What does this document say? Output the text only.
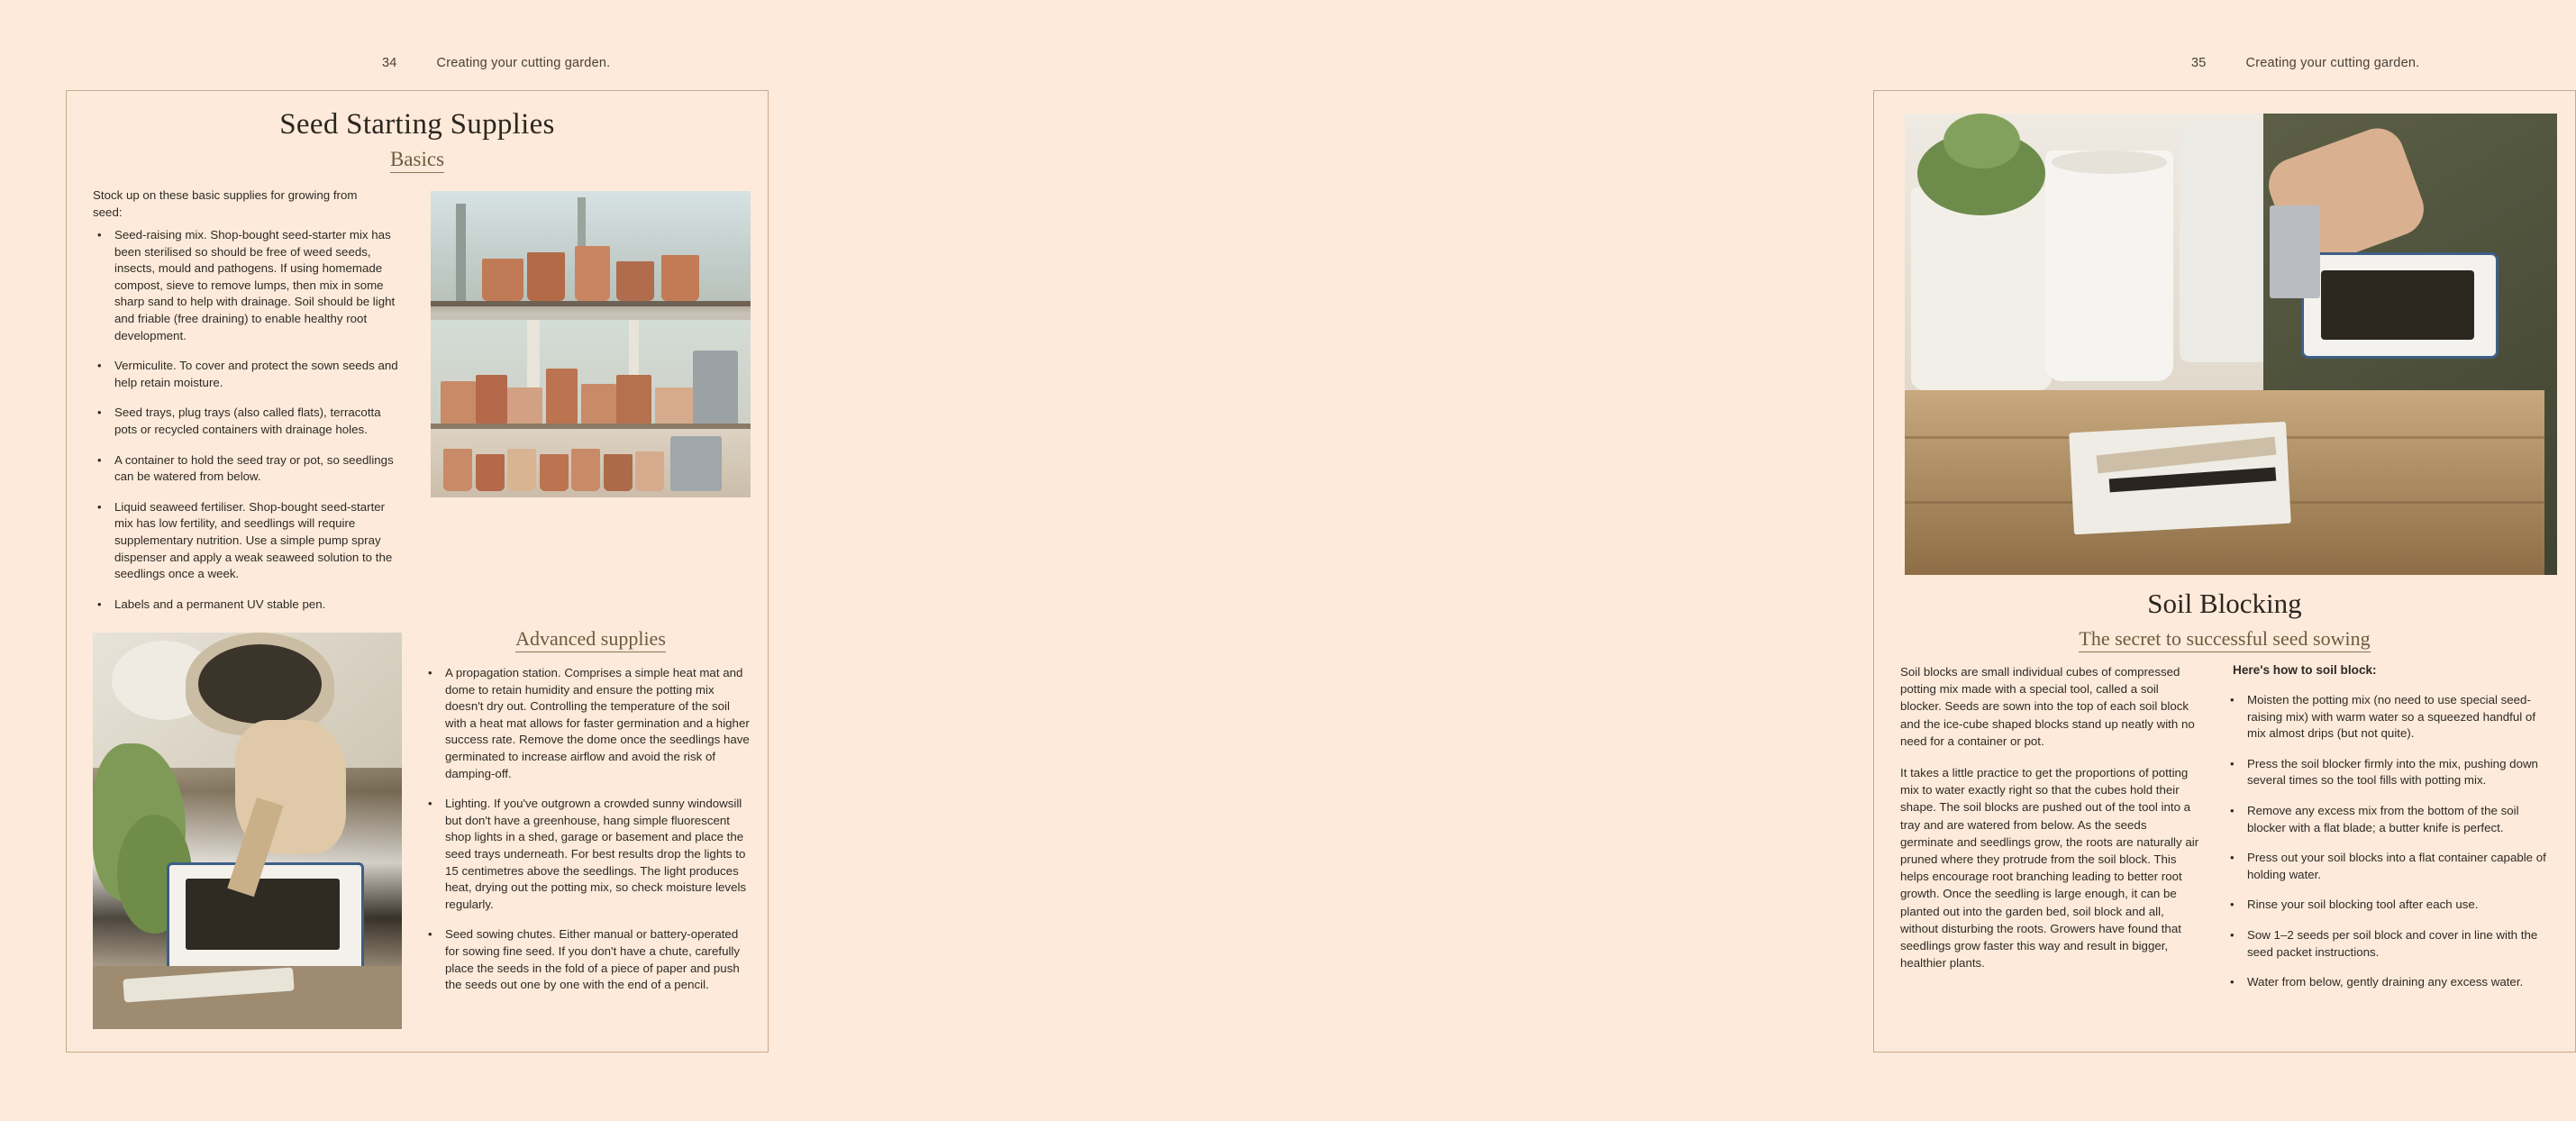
34	Creating your cutting garden.
Seed Starting Supplies
Basics
Stock up on these basic supplies for growing from seed:
• Seed-raising mix. Shop-bought seed-starter mix has been sterilised so should be free of weed seeds, insects, mould and pathogens. If using homemade compost, sieve to remove lumps, then mix in some sharp sand to help with drainage. Soil should be light and friable (free draining) to enable healthy root development.
• Vermiculite. To cover and protect the sown seeds and help retain moisture.
• Seed trays, plug trays (also called flats), terracotta pots or recycled containers with drainage holes.
• A container to hold the seed tray or pot, so seedlings can be watered from below.
• Liquid seaweed fertiliser. Shop-bought seed-starter mix has low fertility, and seedlings will require supplementary nutrition. Use a simple pump spray dispenser and apply a weak seaweed solution to the seedlings once a week.
• Labels and a permanent UV stable pen.
Advanced supplies
• A propagation station. Comprises a simple heat mat and dome to retain humidity and ensure the potting mix doesn't dry out. Controlling the temperature of the soil with a heat mat allows for faster germination and a higher success rate. Remove the dome once the seedlings have germinated to increase airflow and avoid the risk of damping-off.
• Lighting. If you've outgrown a crowded sunny windowsill but don't have a greenhouse, hang simple fluorescent shop lights in a shed, garage or basement and place the seed trays underneath. For best results drop the lights to 15 centimetres above the seedlings. The light produces heat, drying out the potting mix, so check moisture levels regularly.
• Seed sowing chutes. Either manual or battery-operated for sowing fine seed. If you don't have a chute, carefully place the seeds in the fold of a piece of paper and push the seeds out one by one with the end of a pencil.
35	Creating your cutting garden.
Soil Blocking
The secret to successful seed sowing

Soil blocks are small individual cubes of compressed potting mix made with a special tool, called a soil blocker. Seeds are sown into the top of each soil block and the ice-cube shaped blocks stand up neatly with no need for a container or pot.

It takes a little practice to get the proportions of potting mix to water exactly right so that the cubes hold their shape. The soil blocks are pushed out of the tool into a tray and are watered from below. As the seeds germinate and seedlings grow, the roots are naturally air pruned where they protrude from the soil block. This helps encourage root branching leading to better root growth. Once the seedling is large enough, it can be planted out into the garden bed, soil block and all, without disturbing the roots. Growers have found that seedlings grow faster this way and result in bigger, healthier plants.

Here's how to soil block:
• Moisten the potting mix (no need to use special seed-raising mix) with warm water so a squeezed handful of mix almost drips (but not quite).
• Press the soil blocker firmly into the mix, pushing down several times so the tool fills with potting mix.
• Remove any excess mix from the bottom of the soil blocker with a flat blade; a butter knife is perfect.
• Press out your soil blocks into a flat container capable of holding water.
• Rinse your soil blocking tool after each use.
• Sow 1–2 seeds per soil block and cover in line with the seed packet instructions.
• Water from below, gently draining any excess water.
